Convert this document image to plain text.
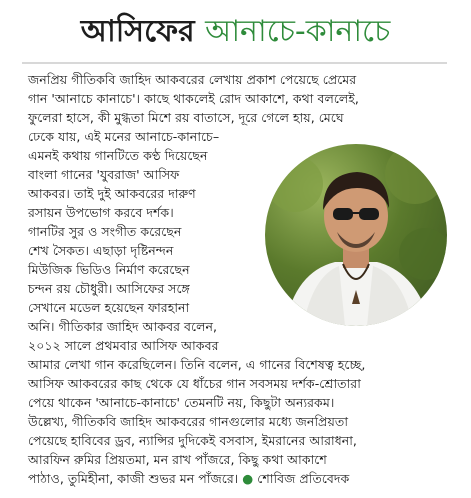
আসিফের আনাচে-কানাচে
জনপ্রিয় গীতিকবি জাহিদ আকবরের লেখায় প্রকাশ পেয়েছে প্রেমের
গান 'আনাচে কানাচে'। কাছে থাকলেই রোদ আকাশে, কথা বললেই,
ফুলেরা হাসে, কী মুগ্ধতা মিশে রয় বাতাসে, দূরে গেলে হায়, মেঘে
ঢেকে যায়, এই মনের আনাচে-কানাচে–
এমনই কথায় গানটিতে কণ্ঠ দিয়েছেন
বাংলা গানের 'যুবরাজ' আসিফ
আকবর। তাই দুই আকবরের দারুণ
রসায়ন উপভোগ করবে দর্শক।
গানটির সুর ও সংগীত করেছেন
শেখ সৈকত। এছাড়া দৃষ্টিনন্দন
মিউজিক ভিডিও নির্মাণ করেছেন
চন্দন রয় চৌধুরী। আসিফের সঙ্গে
সেখানে মডেল হয়েছেন ফারহানা
অনি। গীতিকার জাহিদ আকবর বলেন,
২০১২ সালে প্রথমবার আসিফ আকবর
আমার লেখা গান করেছিলেন। তিনি বলেন, এ গানের বিশেষত্ব হচ্ছে,
আসিফ আকবরের কাছ থেকে যে ধাঁচের গান সবসময় দর্শক-শ্রোতারা
পেয়ে থাকেন 'আনাচে-কানাচে' তেমনটি নয়, কিছুটা অন্যরকম।
উল্লেখ্য, গীতিকবি জাহিদ আকবরের গানগুলোর মধ্যে জনপ্রিয়তা
পেয়েছে হাবিবের ড্রব, ন্যান্সির দুদিকেই বসবাস, ইমরানের আরাধনা,
আরফিন রুমির প্রিয়তমা, মন রাখ পাঁজরে, কিছু কথা আকাশে
পাঠাও, তুমিহীনা, কাজী শুভর মন পাঁজরে। ● শোবিজ প্রতিবেদক
